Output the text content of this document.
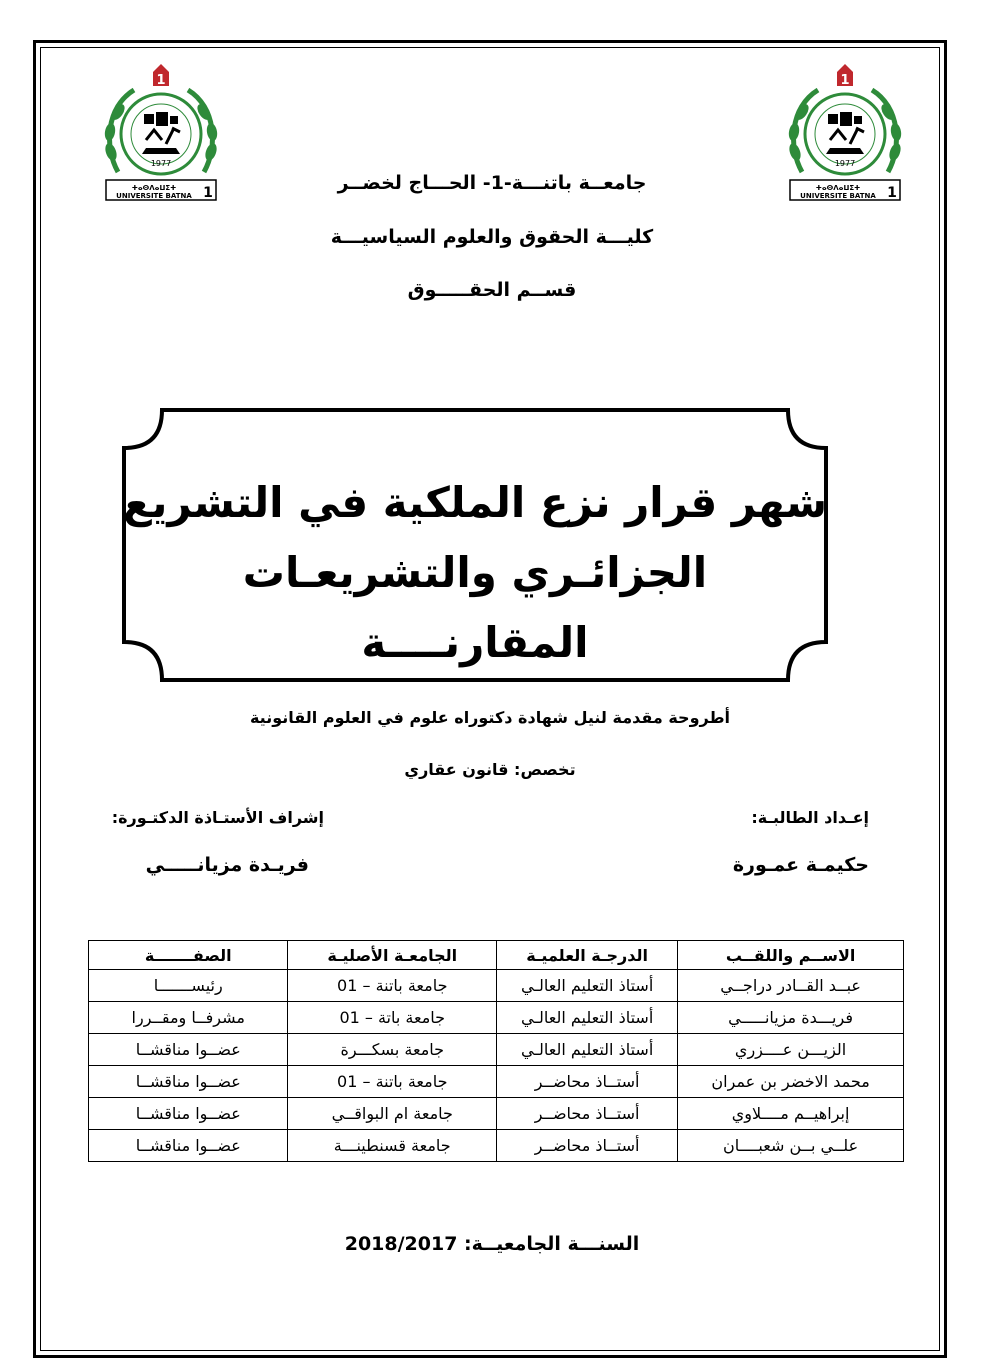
1
1977
ⵜⴰⵙⴷⴰⵡⵉⵜ
UNIVERSITE BATNA 1
1
1977
ⵜⴰⵙⴷⴰⵡⵉⵜ
UNIVERSITE BATNA 1	جامعــة باتنـــة-1- الحـــاج لخضــر
كليـــة الحقوق والعلوم السياسيـــة
قســم الحقـــــوق
شهر قرار نزع الملكية في التشريع
الجزائـري والتشريعـات المقارنــــة
أطروحة مقدمة لنيل شهادة دكتوراه علوم في العلوم القانونية
تخصص: قانون عقاري
إعـداد الطالبـة:
إشراف الأستـاذة الدكتـورة:
حكيمـة عمـورة
فريـدة مزيانـــــي
الاســم واللقــب	الدرجـة العلميـة	الجامعـة الأصليـة	الصفـــــــة
عبــد القــادر دراجــي	أستاذ التعليم العالـي	جامعة باتنة – 01	رئيســـــــا
فريـــدة مزيانـــــي	أستاذ التعليم العالـي	جامعة باتة – 01	مشرفــا ومقــررا
الزيـــن عــــزري	أستاذ التعليم العالـي	جامعة بسكـــرة	عضــوا مناقشــا
محمد الاخضر بن عمران	أستــاذ محاضــر	جامعة باتنة – 01	عضــوا مناقشــا
إبراهيــم مــــلاوي	أستــاذ محاضــر	جامعة ام البواقــي	عضــوا مناقشــا
علــي بــن شعبــــان	أستــاذ محاضــر	جامعة قسنطينـــة	عضــوا مناقشــا
السنـــة الجامعيــة: 2018/2017
